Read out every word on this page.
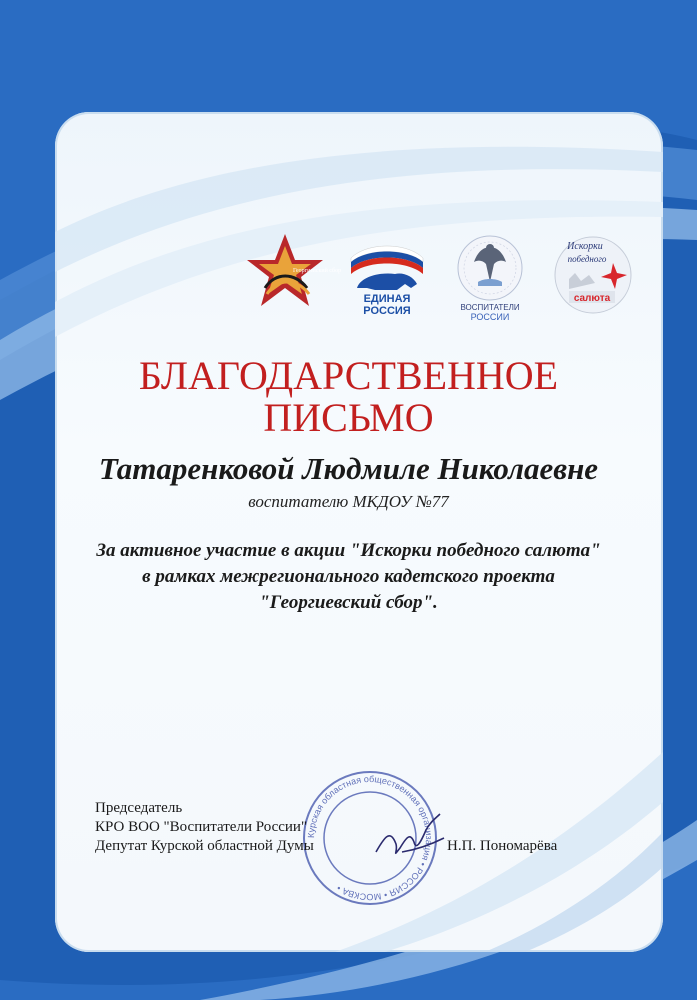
Георгиевский сбор
ЕДИНАЯ
РОССИЯ	ВОСПИТАТЕЛИ
РОССИИ
Искорки
победного
салюта
БЛАГОДАРСТВЕННОЕ
ПИСЬМО
Татаренковой Людмиле Николаевне
воспитателю МКДОУ №77
За активное участие в акции "Искорки победного салюта"
в рамках межрегионального кадетского проекта
"Георгиевский сбор".
Курская областная общественная организация • РОССИЯ • МОСКВА •
Председатель
КРО ВОО "Воспитатели России"
Депутат Курской областной Думы	Н.П. Пономарёва
